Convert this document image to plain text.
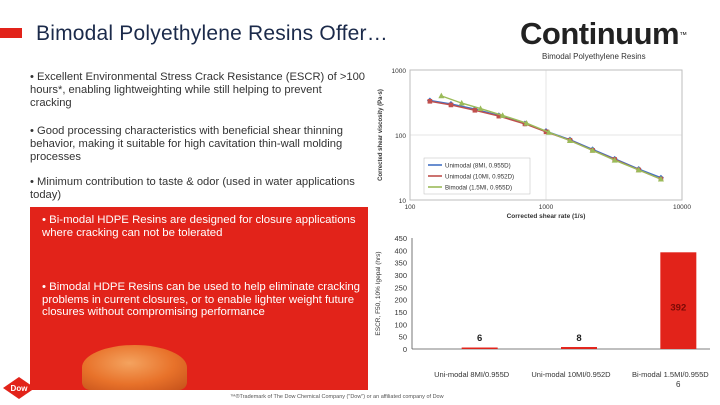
Bimodal Polyethylene Resins Offer…	Continuum™
Bimodal Polyethylene Resins

• Excellent Environmental Stress Crack Resistance (ESCR) of >100 hours*, enabling lightweighting while still helping to prevent cracking

• Good processing characteristics with beneficial shear thinning behavior, making it suitable for high cavitation thin-wall molding processes

• Minimum contribution to taste & odor (used in water applications today)

• Bi-modal HDPE Resins are designed for closure applications where cracking can not be tolerated
• Bimodal HDPE Resins can be used to help eliminate cracking problems in current closures, or to enable lighter weight future closures without compromising performance
10
100
1000
100	1000	10000
Corrected shear rate (1/s)
Corrected shear viscosity (Pa-s)	Unimodal (8MI, 0.955D)
Unimodal (10MI, 0.952D)
Bimodal (1.5MI, 0.955D)
0
50
100
150
200
250
300
350
400
450
ESCR, F50, 10% Igepal (hrs)
6
Uni-modal 8MI/0.955D
8
Uni-modal 10MI/0.952D
392
Bi-modal 1.5MI/0.955D
Dow
™®Trademark of The Dow Chemical Company ("Dow") or an affiliated company of Dow
6
